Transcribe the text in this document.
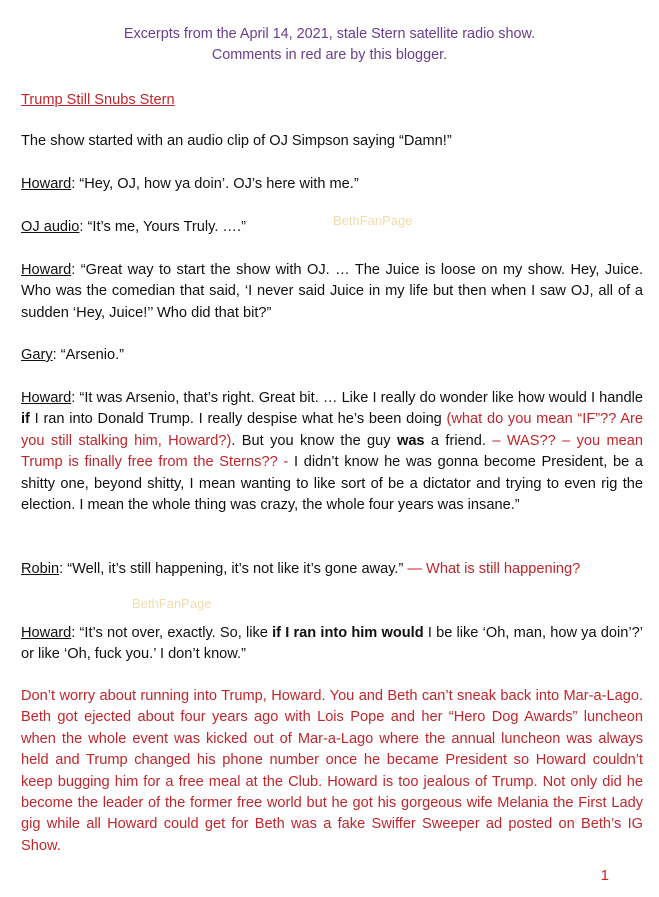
Excerpts from the April 14, 2021, stale Stern satellite radio show.
Comments in red are by this blogger.
Trump Still Snubs Stern
The show started with an audio clip of OJ Simpson saying “Damn!”
Howard: “Hey, OJ, how ya doin’. OJ’s here with me.”
OJ audio: “It’s me, Yours Truly. ….”	BethFanPage
Howard: “Great way to start the show with OJ. … The Juice is loose on my show. Hey, Juice. Who was the comedian that said, ‘I never said Juice in my life but then when I saw OJ, all of a sudden ‘Hey, Juice!’’ Who did that bit?”
Gary: “Arsenio.”
Howard: “It was Arsenio, that’s right. Great bit. … Like I really do wonder like how would I handle if I ran into Donald Trump. I really despise what he’s been doing (what do you mean “IF”?? Are you still stalking him, Howard?). But you know the guy was a friend. – WAS?? – you mean Trump is finally free from the Sterns?? - I didn’t know he was gonna become President, be a shitty one, beyond shitty, I mean wanting to like sort of be a dictator and trying to even rig the election. I mean the whole thing was crazy, the whole four years was insane.”
Robin: “Well, it’s still happening, it’s not like it’s gone away.” — What is still happening?
BethFanPage
Howard: “It’s not over, exactly. So, like if I ran into him would I be like ‘Oh, man, how ya doin’?’ or like ‘Oh, fuck you.’ I don’t know.”
Don’t worry about running into Trump, Howard. You and Beth can’t sneak back into Mar-a-Lago. Beth got ejected about four years ago with Lois Pope and her “Hero Dog Awards” luncheon when the whole event was kicked out of Mar-a-Lago where the annual luncheon was always held and Trump changed his phone number once he became President so Howard couldn’t keep bugging him for a free meal at the Club. Howard is too jealous of Trump. Not only did he become the leader of the former free world but he got his gorgeous wife Melania the First Lady gig while all Howard could get for Beth was a fake Swiffer Sweeper ad posted on Beth’s IG Show.
1
